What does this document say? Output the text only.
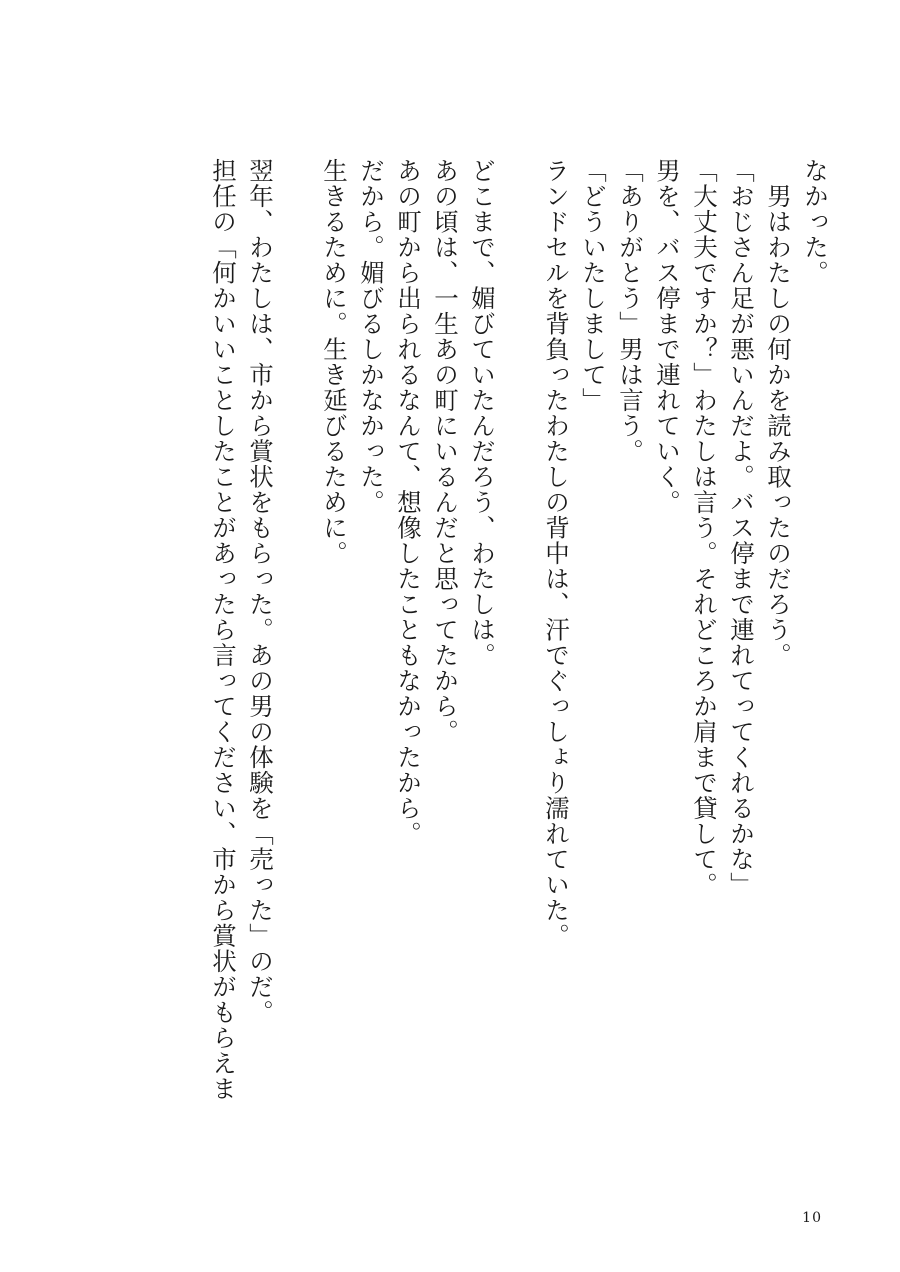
なかった。
　男はわたしの何かを読み取ったのだろう。
「おじさん足が悪いんだよ。バス停まで連れてってくれるかな」
「大丈夫ですか？」わたしは言う。それどころか肩まで貸して。
男を、バス停まで連れていく。
「ありがとう」男は言う。
「どういたしまして」
ランドセルを背負ったわたしの背中は、汗でぐっしょり濡れていた。
どこまで、媚びていたんだろう、わたしは。
あの頃は、一生あの町にいるんだと思ってたから。
あの町から出られるなんて、想像したこともなかったから。
だから。媚びるしかなかった。
生きるために。生き延びるために。
翌年、わたしは、市から賞状をもらった。あの男の体験を「売った」のだ。
担任の「何かいいことしたことがあったら言ってください、市から賞状がもらえま
10
